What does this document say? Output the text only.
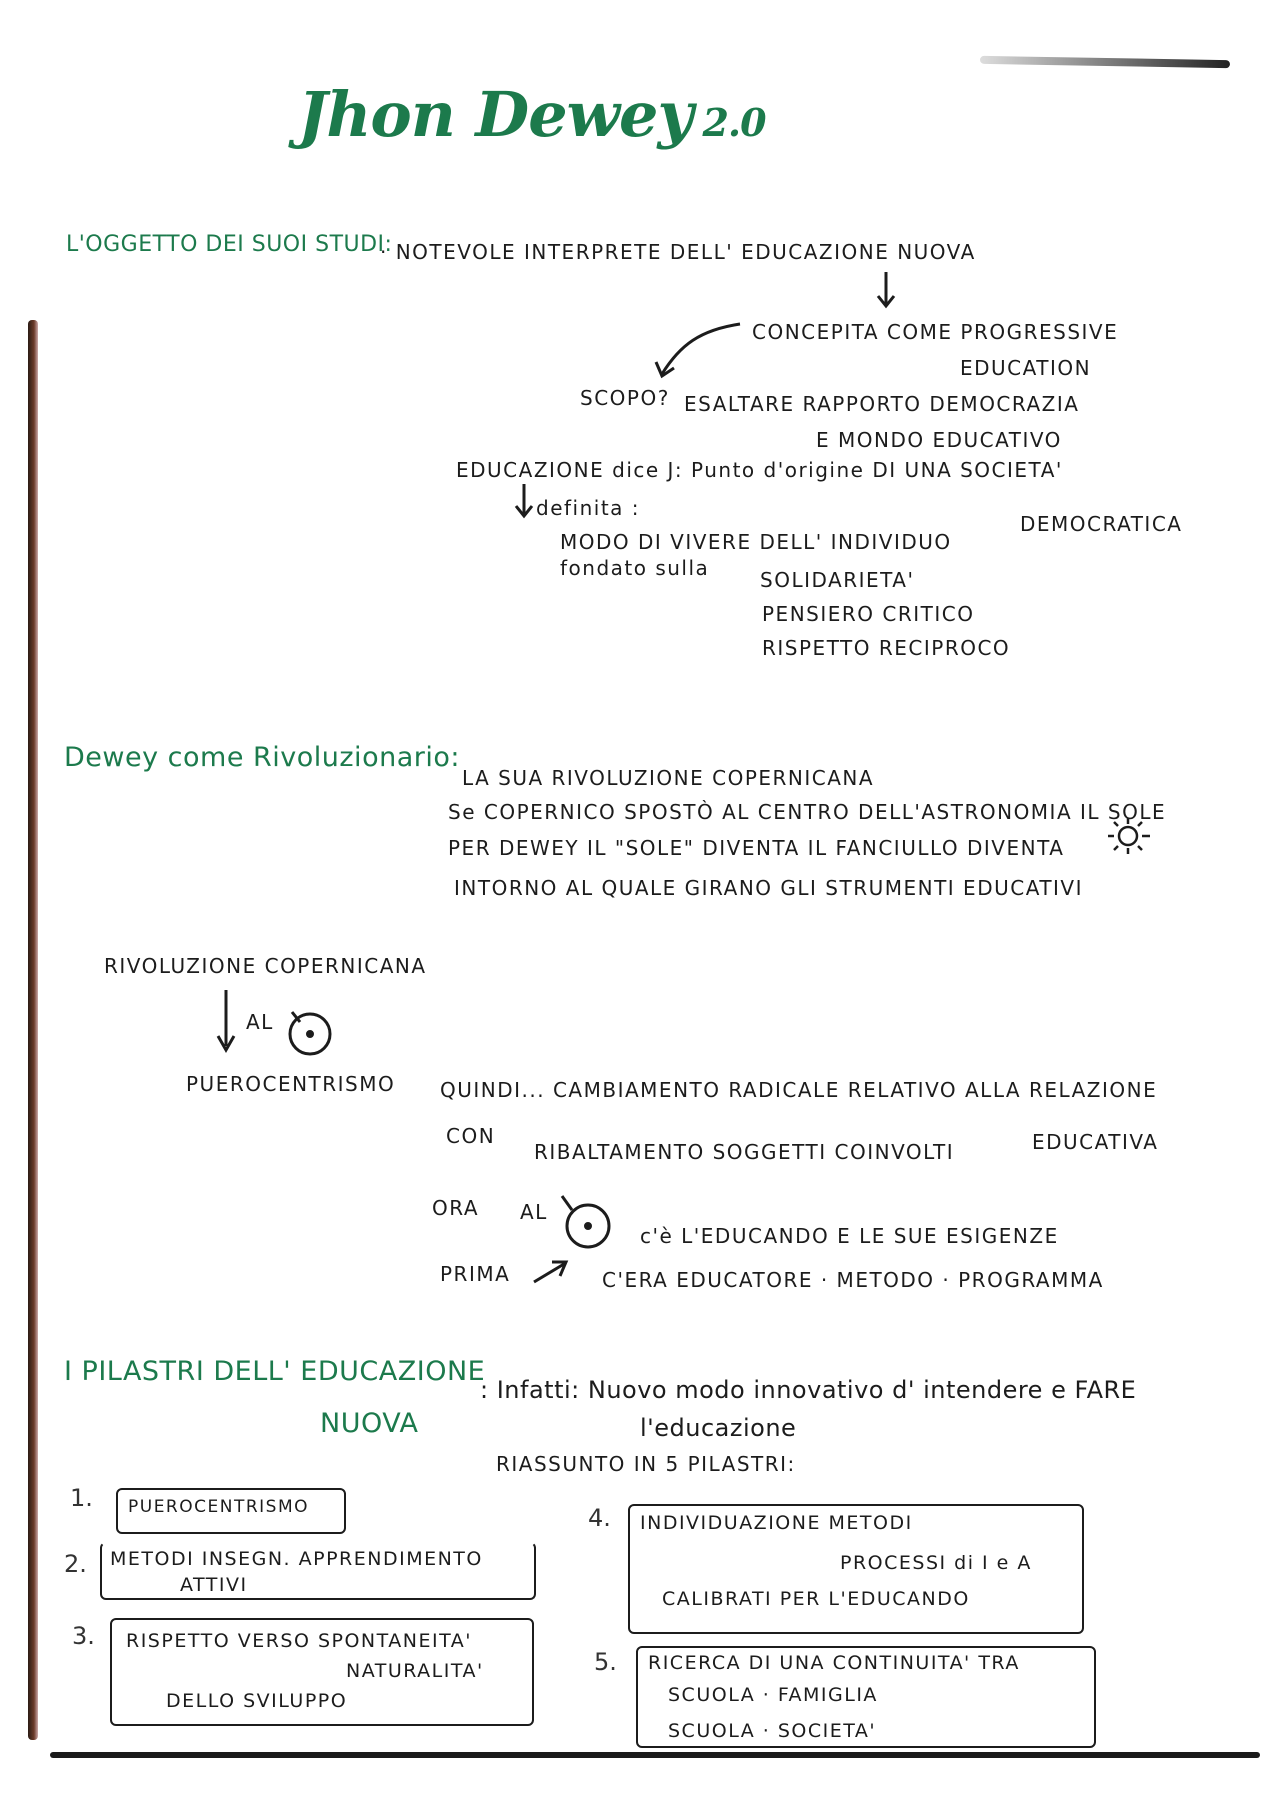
Jhon Dewey 2.0
L'OGGETTO DEI SUOI STUDI:
· NOTEVOLE INTERPRETE DELL' EDUCAZIONE NUOVA
CONCEPITA COME PROGRESSIVE
EDUCATION
SCOPO? ESALTARE RAPPORTO DEMOCRAZIA
E MONDO EDUCATIVO
EDUCAZIONE dice J: Punto d'origine DI UNA SOCIETA'
DEMOCRATICA
definita :
MODO DI VIVERE DELL' INDIVIDUO
fondato sulla	SOLIDARIETA'
PENSIERO CRITICO
RISPETTO RECIPROCO
Dewey come Rivoluzionario:
LA SUA RIVOLUZIONE COPERNICANA
Se COPERNICO SPOSTÒ AL CENTRO DELL'ASTRONOMIA IL SOLE
PER DEWEY IL "SOLE" DIVENTA IL FANCIULLO DIVENTA
INTORNO AL QUALE GIRANO GLI STRUMENTI EDUCATIVI
RIVOLUZIONE COPERNICANA
AL
PUEROCENTRISMO QUINDI... CAMBIAMENTO RADICALE RELATIVO ALLA RELAZIONE
EDUCATIVA
CON
RIBALTAMENTO SOGGETTI COINVOLTI
ORA AL
c'è L'EDUCANDO E LE SUE ESIGENZE
PRIMA	C'ERA EDUCATORE · METODO · PROGRAMMA
I PILASTRI DELL' EDUCAZIONE
NUOVA
: Infatti: Nuovo modo innovativo d' intendere e FARE
l'educazione
RIASSUNTO IN 5 PILASTRI:
1. PUEROCENTRISMO
2. METODI INSEGN. APPRENDIMENTO
ATTIVI
3. RISPETTO VERSO SPONTANEITA'
NATURALITA'
DELLO SVILUPPO
4. INDIVIDUAZIONE METODI
PROCESSI di I e A
CALIBRATI PER L'EDUCANDO
5. RICERCA DI UNA CONTINUITA' TRA
SCUOLA · FAMIGLIA
SCUOLA · SOCIETA'
